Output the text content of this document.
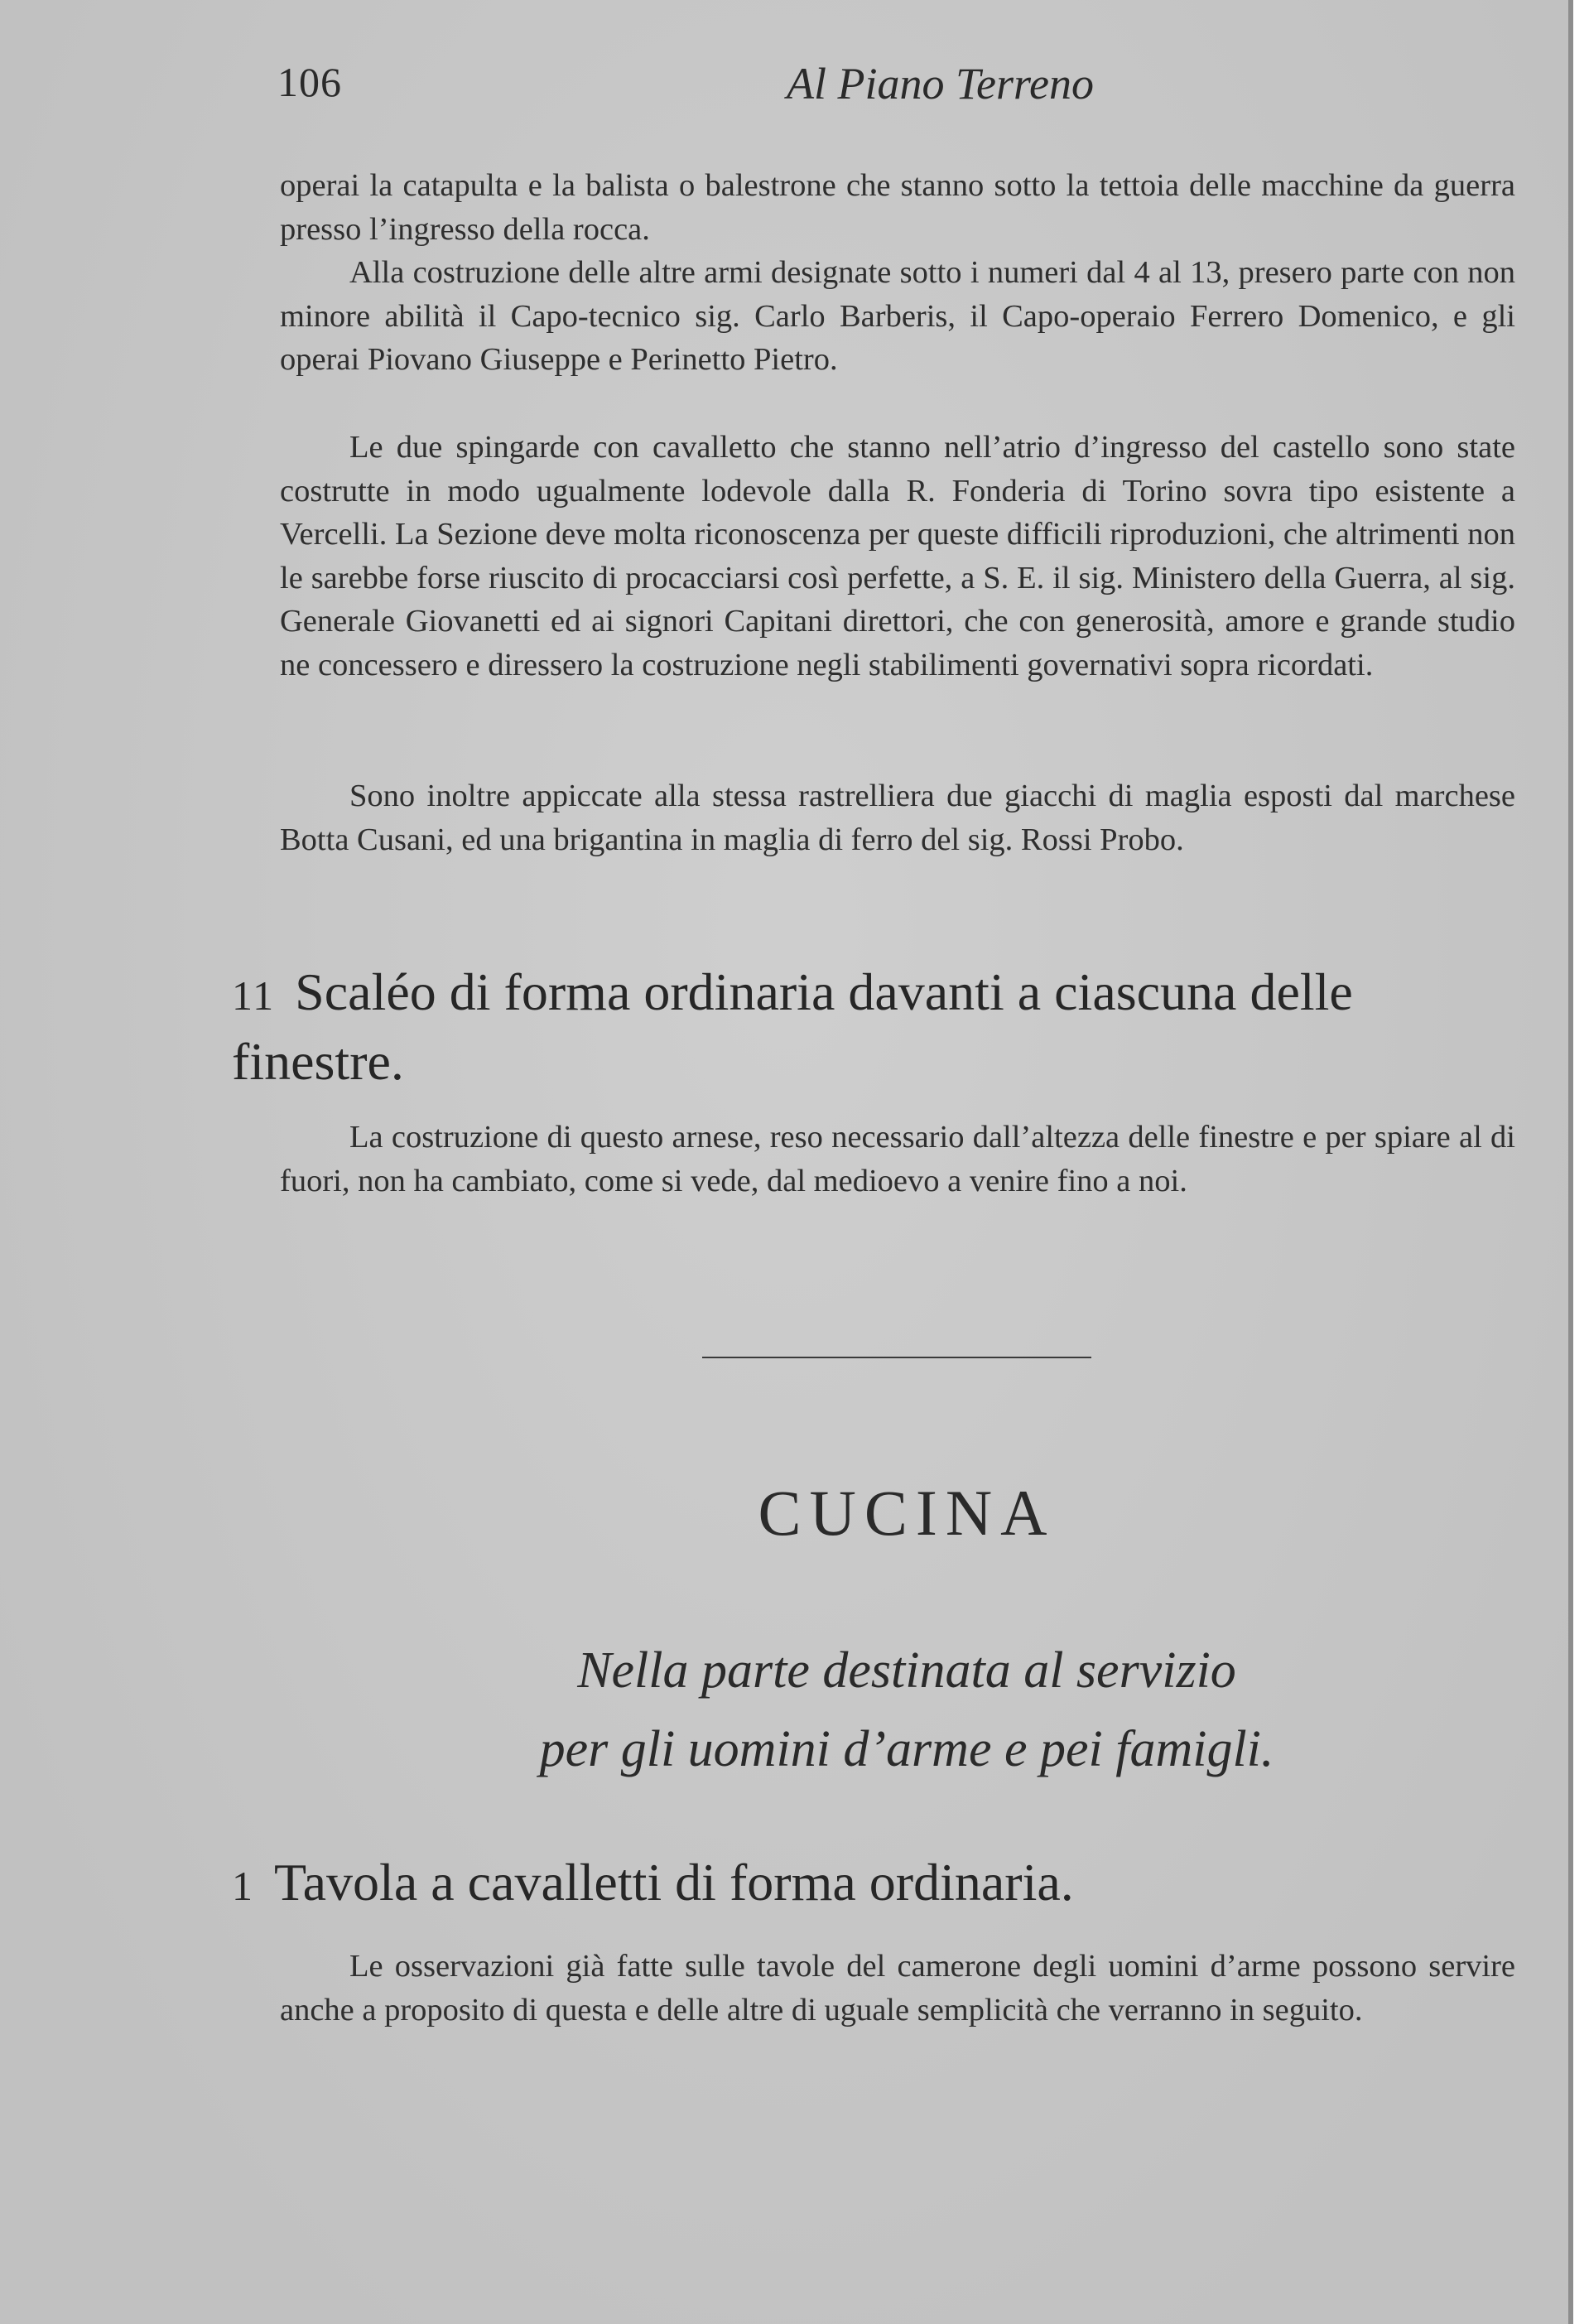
106	Al Piano Terreno

operai la catapulta e la balista o balestrone che stanno sotto la tettoia delle macchine da guerra presso l’ingresso della rocca.

Alla costruzione delle altre armi designate sotto i numeri dal 4 al 13, presero parte con non minore abilità il Capo-tecnico sig. Carlo Barberis, il Capo-operaio Ferrero Domenico, e gli operai Piovano Giuseppe e Perinetto Pietro.

Le due spingarde con cavalletto che stanno nell’atrio d’ingresso del castello sono state costrutte in modo ugualmente lodevole dalla R. Fonderia di Torino sovra tipo esistente a Vercelli. La Sezione deve molta riconoscenza per queste difficili riproduzioni, che altrimenti non le sarebbe forse riuscito di procacciarsi così perfette, a S. E. il sig. Ministero della Guerra, al sig. Generale Giovanetti ed ai signori Capitani direttori, che con generosità, amore e grande studio ne concessero e diressero la costruzione negli stabilimenti governativi sopra ricordati.

Sono inoltre appiccate alla stessa rastrelliera due giacchi di maglia esposti dal marchese Botta Cusani, ed una brigantina in maglia di ferro del sig. Rossi Probo.

11 Scaléo di forma ordinaria davanti a ciascuna delle finestre.

La costruzione di questo arnese, reso necessario dall’altezza delle finestre e per spiare al di fuori, non ha cambiato, come si vede, dal medioevo a venire fino a noi.

CUCINA
Nella parte destinata al servizio
per gli uomini d’arme e pei famigli.
1 Tavola a cavalletti di forma ordinaria.

Le osservazioni già fatte sulle tavole del camerone degli uomini d’arme possono servire anche a proposito di questa e delle altre di uguale semplicità che verranno in seguito.
